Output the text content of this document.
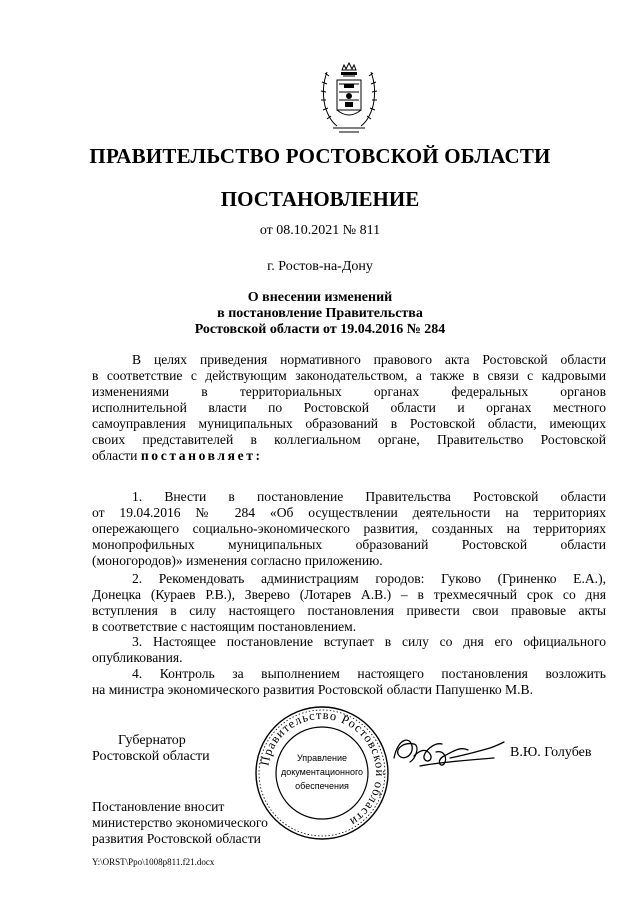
ПРАВИТЕЛЬСТВО РОСТОВСКОЙ ОБЛАСТИ
ПОСТАНОВЛЕНИЕ
от 08.10.2021 № 811
г. Ростов-на-Дону
О внесении изменений
в постановление Правительства
Ростовской области от 19.04.2016 № 284
В целях приведения нормативного правового акта Ростовской области
в соответствие с действующим законодательством, а также в связи с кадровыми
изменениями в территориальных органах федеральных органов
исполнительной власти по Ростовской области и органах местного
самоуправления муниципальных образований в Ростовской области, имеющих
своих представителей в коллегиальном органе, Правительство Ростовской
области постановляет:
1. Внести в постановление Правительства Ростовской области
от 19.04.2016 № 284 «Об осуществлении деятельности на территориях
опережающего социально-экономического развития, созданных на территориях
монопрофильных муниципальных образований Ростовской области
(моногородов)» изменения согласно приложению.
2. Рекомендовать администрациям городов: Гуково (Гриненко Е.А.),
Донецка (Кураев Р.В.), Зверево (Лотарев А.В.) – в трехмесячный срок со дня
вступления в силу настоящего постановления привести свои правовые акты
в соответствие с настоящим постановлением.
3. Настоящее постановление вступает в силу со дня его официального
опубликования.
4. Контроль за выполнением настоящего постановления возложить
на министра экономического развития Ростовской области Папушенко М.В.
Губернатор
Ростовской области	Правительство Ростовской области
Управление
документационного
обеспечения
В.Ю. Голубев
Постановление вносит
министерство экономического
развития Ростовской области
Y:\ORST\Ppo\1008p811.f21.docx
